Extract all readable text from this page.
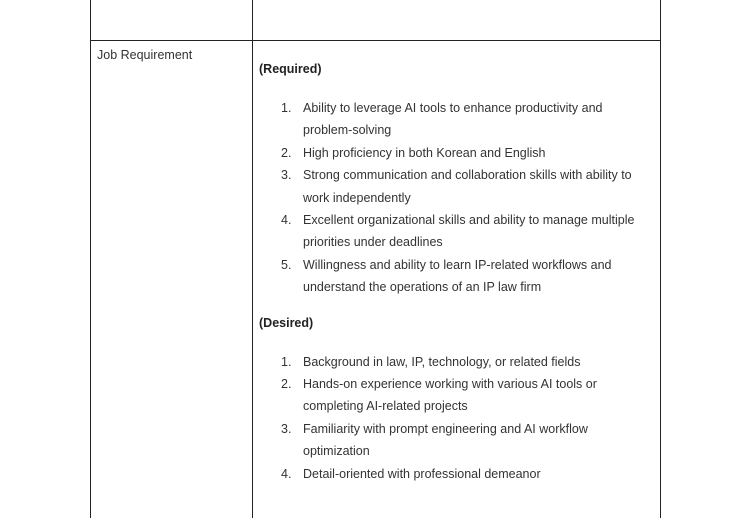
Job Requirement

(Required)

1. Ability to leverage AI tools to enhance productivity and problem-solving
2. High proficiency in both Korean and English
3. Strong communication and collaboration skills with ability to work independently
4. Excellent organizational skills and ability to manage multiple priorities under deadlines
5. Willingness and ability to learn IP-related workflows and understand the operations of an IP law firm

(Desired)

1. Background in law, IP, technology, or related fields
2. Hands-on experience working with various AI tools or completing AI-related projects
3. Familiarity with prompt engineering and AI workflow optimization
4. Detail-oriented with professional demeanor
